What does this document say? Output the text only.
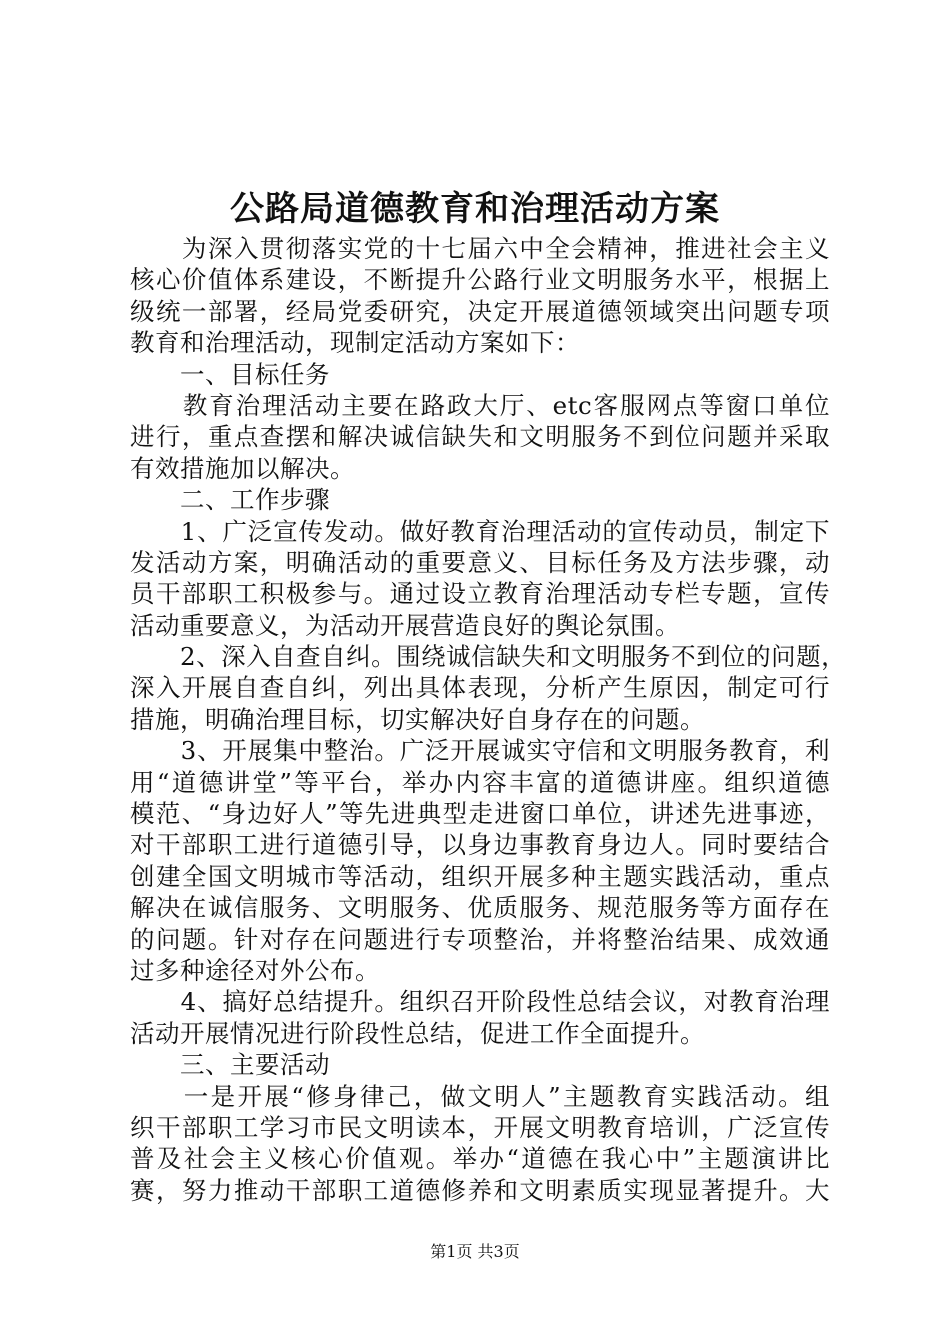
公路局道德教育和治理活动方案
　　为深入贯彻落实党的十七届六中全会精神，推进社会主义
核心价值体系建设，不断提升公路行业文明服务水平，根据上
级统一部署，经局党委研究，决定开展道德领域突出问题专项
教育和治理活动，现制定活动方案如下：
　　一、目标任务
　　教育治理活动主要在路政大厅、etc客服网点等窗口单位
进行，重点查摆和解决诚信缺失和文明服务不到位问题并采取
有效措施加以解决。
　　二、工作步骤
　　1、广泛宣传发动。做好教育治理活动的宣传动员，制定下
发活动方案，明确活动的重要意义、目标任务及方法步骤，动
员干部职工积极参与。通过设立教育治理活动专栏专题，宣传
活动重要意义，为活动开展营造良好的舆论氛围。
　　2、深入自查自纠。围绕诚信缺失和文明服务不到位的问题，
深入开展自查自纠，列出具体表现，分析产生原因，制定可行
措施，明确治理目标，切实解决好自身存在的问题。
　　3、开展集中整治。广泛开展诚实守信和文明服务教育，利
用“道德讲堂”等平台，举办内容丰富的道德讲座。组织道德
模范、“身边好人”等先进典型走进窗口单位，讲述先进事迹，
对干部职工进行道德引导，以身边事教育身边人。同时要结合
创建全国文明城市等活动，组织开展多种主题实践活动，重点
解决在诚信服务、文明服务、优质服务、规范服务等方面存在
的问题。针对存在问题进行专项整治，并将整治结果、成效通
过多种途径对外公布。
　　4、搞好总结提升。组织召开阶段性总结会议，对教育治理
活动开展情况进行阶段性总结，促进工作全面提升。
　　三、主要活动
　　一是开展“修身律己，做文明人”主题教育实践活动。组
织干部职工学习市民文明读本，开展文明教育培训，广泛宣传
普及社会主义核心价值观。举办“道德在我心中”主题演讲比
赛，努力推动干部职工道德修养和文明素质实现显著提升。大
第1页 共3页
